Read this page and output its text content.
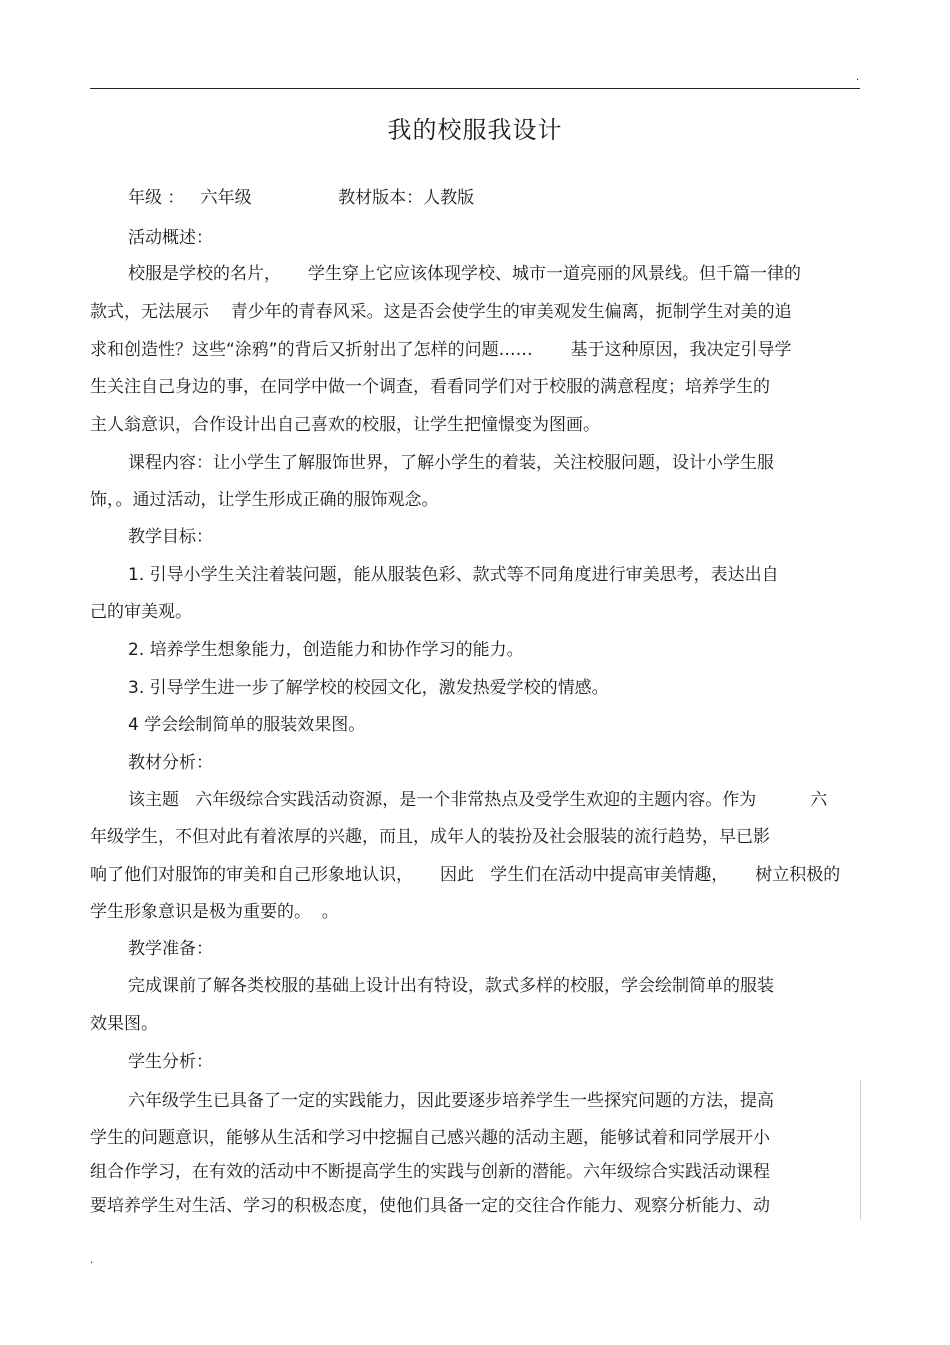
.
我的校服我设计
年级 ：   六年级                教材版本：人教版
活动概述：
校服是学校的名片，     学生穿上它应该体现学校、城市一道亮丽的风景线。但千篇一律的
款式，无法展示    青少年的青春风采。这是否会使学生的审美观发生偏离，扼制学生对美的追
求和创造性？这些“涂鸦”的背后又折射出了怎样的问题……       基于这种原因，我决定引导学
生关注自己身边的事，在同学中做一个调查，看看同学们对于校服的满意程度；培养学生的
主人翁意识，合作设计出自己喜欢的校服，让学生把憧憬变为图画。
课程内容：让小学生了解服饰世界，了解小学生的着装，关注校服问题，设计小学生服
饰，。通过活动，让学生形成正确的服饰观念。
教学目标：
1. 引导小学生关注着装问题，能从服装色彩、款式等不同角度进行审美思考，表达出自
己的审美观。
2. 培养学生想象能力，创造能力和协作学习的能力。
3. 引导学生进一步了解学校的校园文化，激发热爱学校的情感。
4 学会绘制简单的服装效果图。
教材分析：
该主题   六年级综合实践活动资源，是一个非常热点及受学生欢迎的主题内容。作为          六
年级学生，不但对此有着浓厚的兴趣，而且，成年人的装扮及社会服装的流行趋势，早已影
响了他们对服饰的审美和自己形象地认识，     因此   学生们在活动中提高审美情趣，     树立积极的
学生形象意识是极为重要的。  。
教学准备：
完成课前了解各类校服的基础上设计出有特设，款式多样的校服，学会绘制简单的服装
效果图。
学生分析：
六年级学生已具备了一定的实践能力，因此要逐步培养学生一些探究问题的方法，提高
学生的问题意识，能够从生活和学习中挖掘自己感兴趣的活动主题，能够试着和同学展开小
组合作学习，在有效的活动中不断提高学生的实践与创新的潜能。六年级综合实践活动课程
要培养学生对生活、学习的积极态度，使他们具备一定的交往合作能力、观察分析能力、动
.
